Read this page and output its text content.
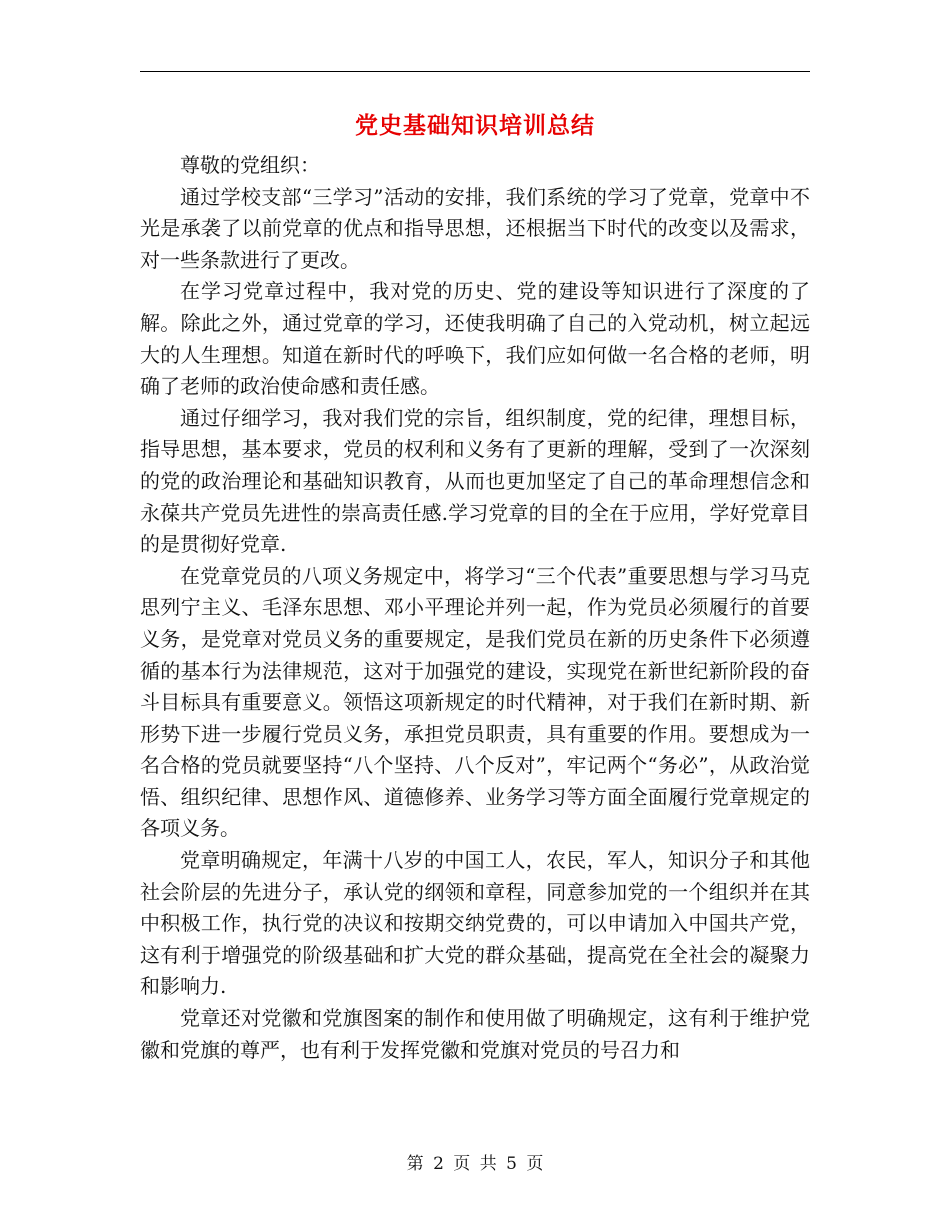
党史基础知识培训总结

尊敬的党组织：

通过学校支部“三学习”活动的安排，我们系统的学习了党章，党章中不光是承袭了以前党章的优点和指导思想，还根据当下时代的改变以及需求，对一些条款进行了更改。

在学习党章过程中，我对党的历史、党的建设等知识进行了深度的了解。除此之外，通过党章的学习，还使我明确了自己的入党动机，树立起远大的人生理想。知道在新时代的呼唤下，我们应如何做一名合格的老师，明确了老师的政治使命感和责任感。

通过仔细学习，我对我们党的宗旨，组织制度，党的纪律，理想目标，指导思想，基本要求，党员的权利和义务有了更新的理解，受到了一次深刻的党的政治理论和基础知识教育，从而也更加坚定了自己的革命理想信念和永葆共产党员先进性的崇高责任感.学习党章的目的全在于应用，学好党章目的是贯彻好党章.

在党章党员的八项义务规定中，将学习“三个代表”重要思想与学习马克思列宁主义、毛泽东思想、邓小平理论并列一起，作为党员必须履行的首要义务，是党章对党员义务的重要规定，是我们党员在新的历史条件下必须遵循的基本行为法律规范，这对于加强党的建设，实现党在新世纪新阶段的奋斗目标具有重要意义。领悟这项新规定的时代精神，对于我们在新时期、新形势下进一步履行党员义务，承担党员职责，具有重要的作用。要想成为一名合格的党员就要坚持“八个坚持、八个反对”，牢记两个“务必”，从政治觉悟、组织纪律、思想作风、道德修养、业务学习等方面全面履行党章规定的各项义务。

党章明确规定，年满十八岁的中国工人，农民，军人，知识分子和其他社会阶层的先进分子，承认党的纲领和章程，同意参加党的一个组织并在其中积极工作，执行党的决议和按期交纳党费的，可以申请加入中国共产党，这有利于增强党的阶级基础和扩大党的群众基础，提高党在全社会的凝聚力和影响力.

党章还对党徽和党旗图案的制作和使用做了明确规定，这有利于维护党徽和党旗的尊严，也有利于发挥党徽和党旗对党员的号召力和

第 2 页 共 5 页
